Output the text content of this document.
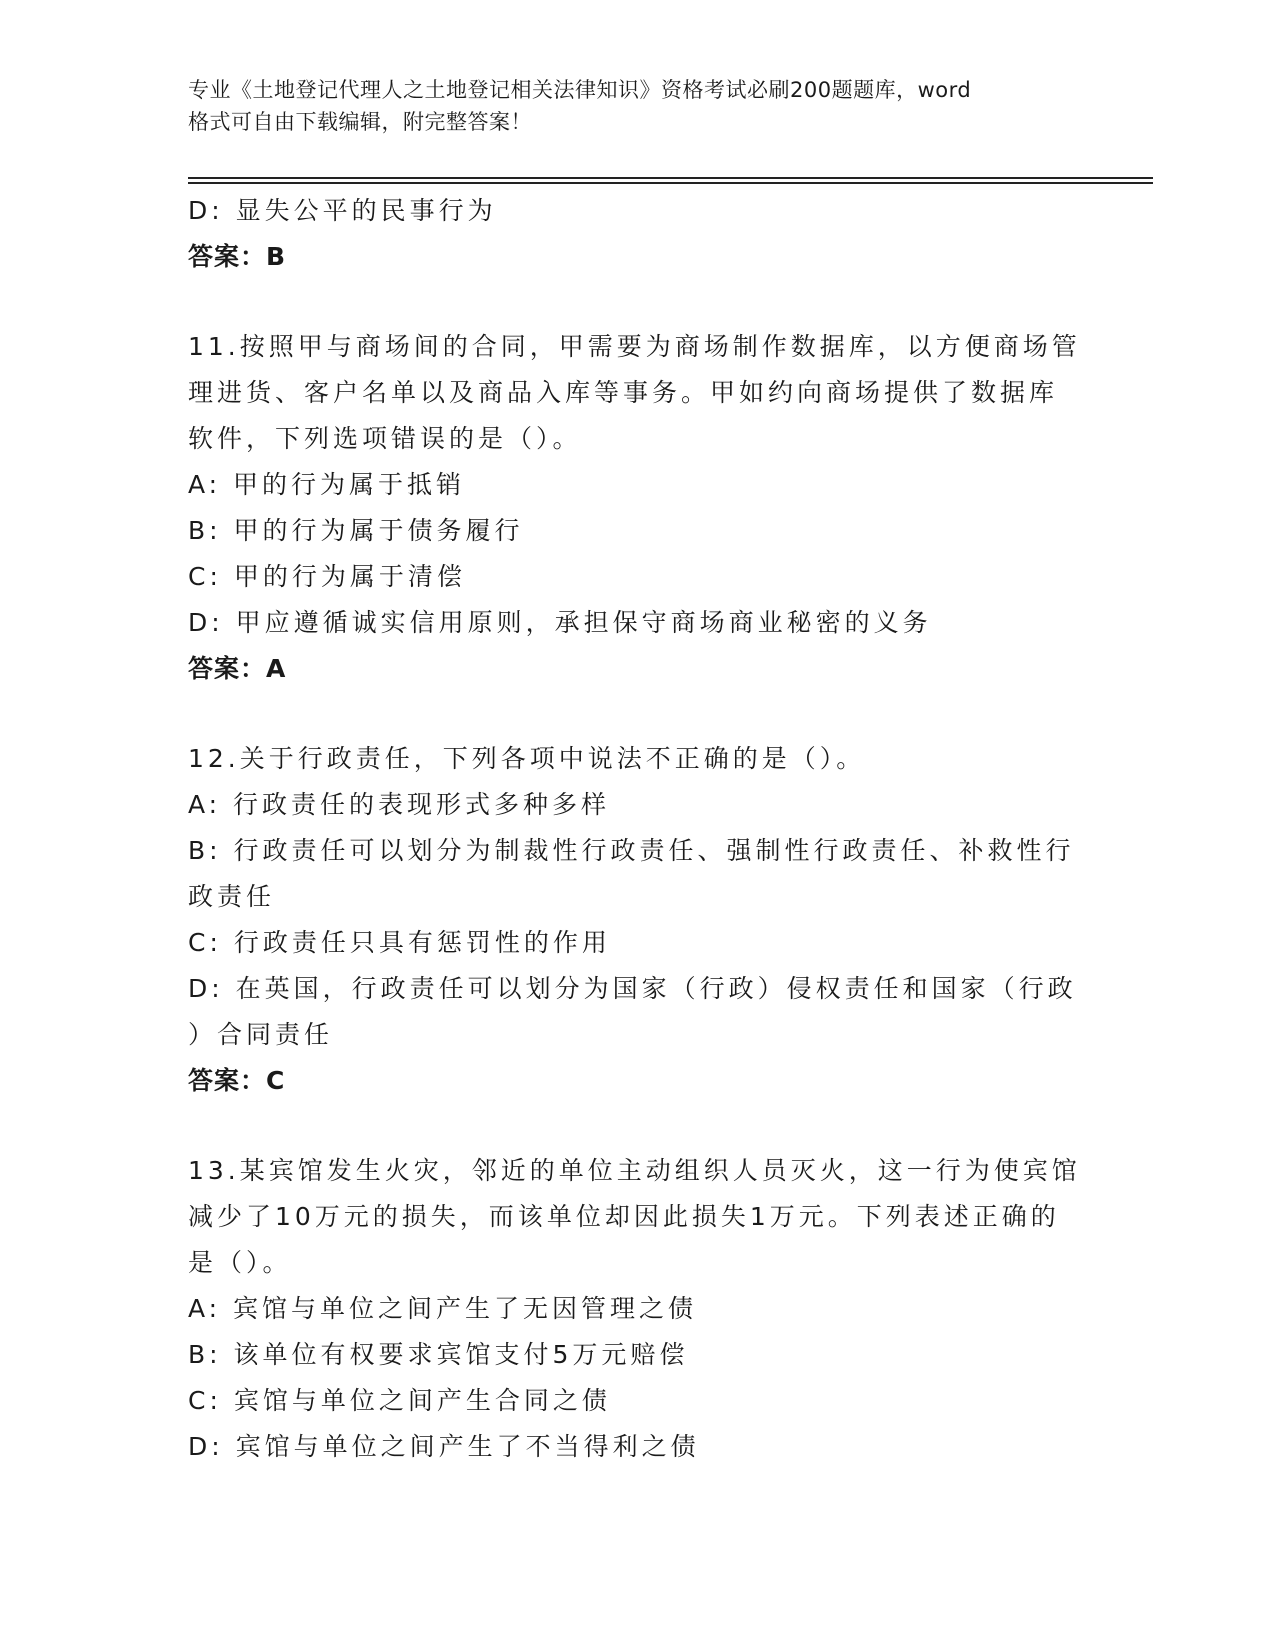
专业《土地登记代理人之土地登记相关法律知识》资格考试必刷200题题库，word
格式可自由下载编辑，附完整答案！
D: 显失公平的民事行为
答案：B
11.按照甲与商场间的合同，甲需要为商场制作数据库，以方便商场管
理进货、客户名单以及商品入库等事务。甲如约向商场提供了数据库
软件，下列选项错误的是（）。
A: 甲的行为属于抵销
B: 甲的行为属于债务履行
C: 甲的行为属于清偿
D: 甲应遵循诚实信用原则，承担保守商场商业秘密的义务
答案：A
12.关于行政责任，下列各项中说法不正确的是（）。
A: 行政责任的表现形式多种多样
B: 行政责任可以划分为制裁性行政责任、强制性行政责任、补救性行
政责任
C: 行政责任只具有惩罚性的作用
D: 在英国，行政责任可以划分为国家（行政）侵权责任和国家（行政
）合同责任
答案：C
13.某宾馆发生火灾，邻近的单位主动组织人员灭火，这一行为使宾馆
减少了10万元的损失，而该单位却因此损失1万元。下列表述正确的
是（）。
A: 宾馆与单位之间产生了无因管理之债
B: 该单位有权要求宾馆支付5万元赔偿
C: 宾馆与单位之间产生合同之债
D: 宾馆与单位之间产生了不当得利之债
